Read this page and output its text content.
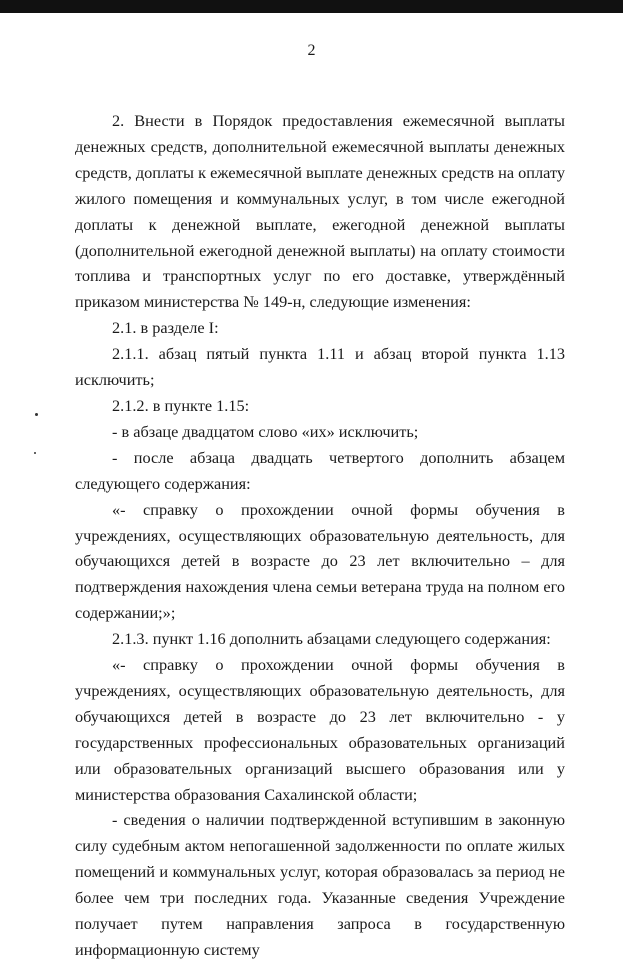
2

2. Внести в Порядок предоставления ежемесячной выплаты денежных средств, дополнительной ежемесячной выплаты денежных средств, доплаты к ежемесячной выплате денежных средств на оплату жилого помещения и коммунальных услуг, в том числе ежегодной доплаты к денежной выплате, ежегодной денежной выплаты (дополнительной ежегодной денежной выплаты) на оплату стоимости топлива и транспортных услуг по его доставке, утверждённый приказом министерства № 149-н, следующие изменения:

2.1. в разделе I:

2.1.1. абзац пятый пункта 1.11 и абзац второй пункта 1.13 исключить;

2.1.2. в пункте 1.15:

- в абзаце двадцатом слово «их» исключить;

- после абзаца двадцать четвертого дополнить абзацем следующего содержания:

«- справку о прохождении очной формы обучения в учреждениях, осуществляющих образовательную деятельность, для обучающихся детей в возрасте до 23 лет включительно – для подтверждения нахождения члена семьи ветерана труда на полном его содержании;»;

2.1.3. пункт 1.16 дополнить абзацами следующего содержания:

«- справку о прохождении очной формы обучения в учреждениях, осуществляющих образовательную деятельность, для обучающихся детей в возрасте до 23 лет включительно - у государственных профессиональных образовательных организаций или образовательных организаций высшего образования или у министерства образования Сахалинской области;

- сведения о наличии подтвержденной вступившим в законную силу судебным актом непогашенной задолженности по оплате жилых помещений и коммунальных услуг, которая образовалась за период не более чем три последних года. Указанные сведения Учреждение получает путем направления запроса в государственную информационную систему
